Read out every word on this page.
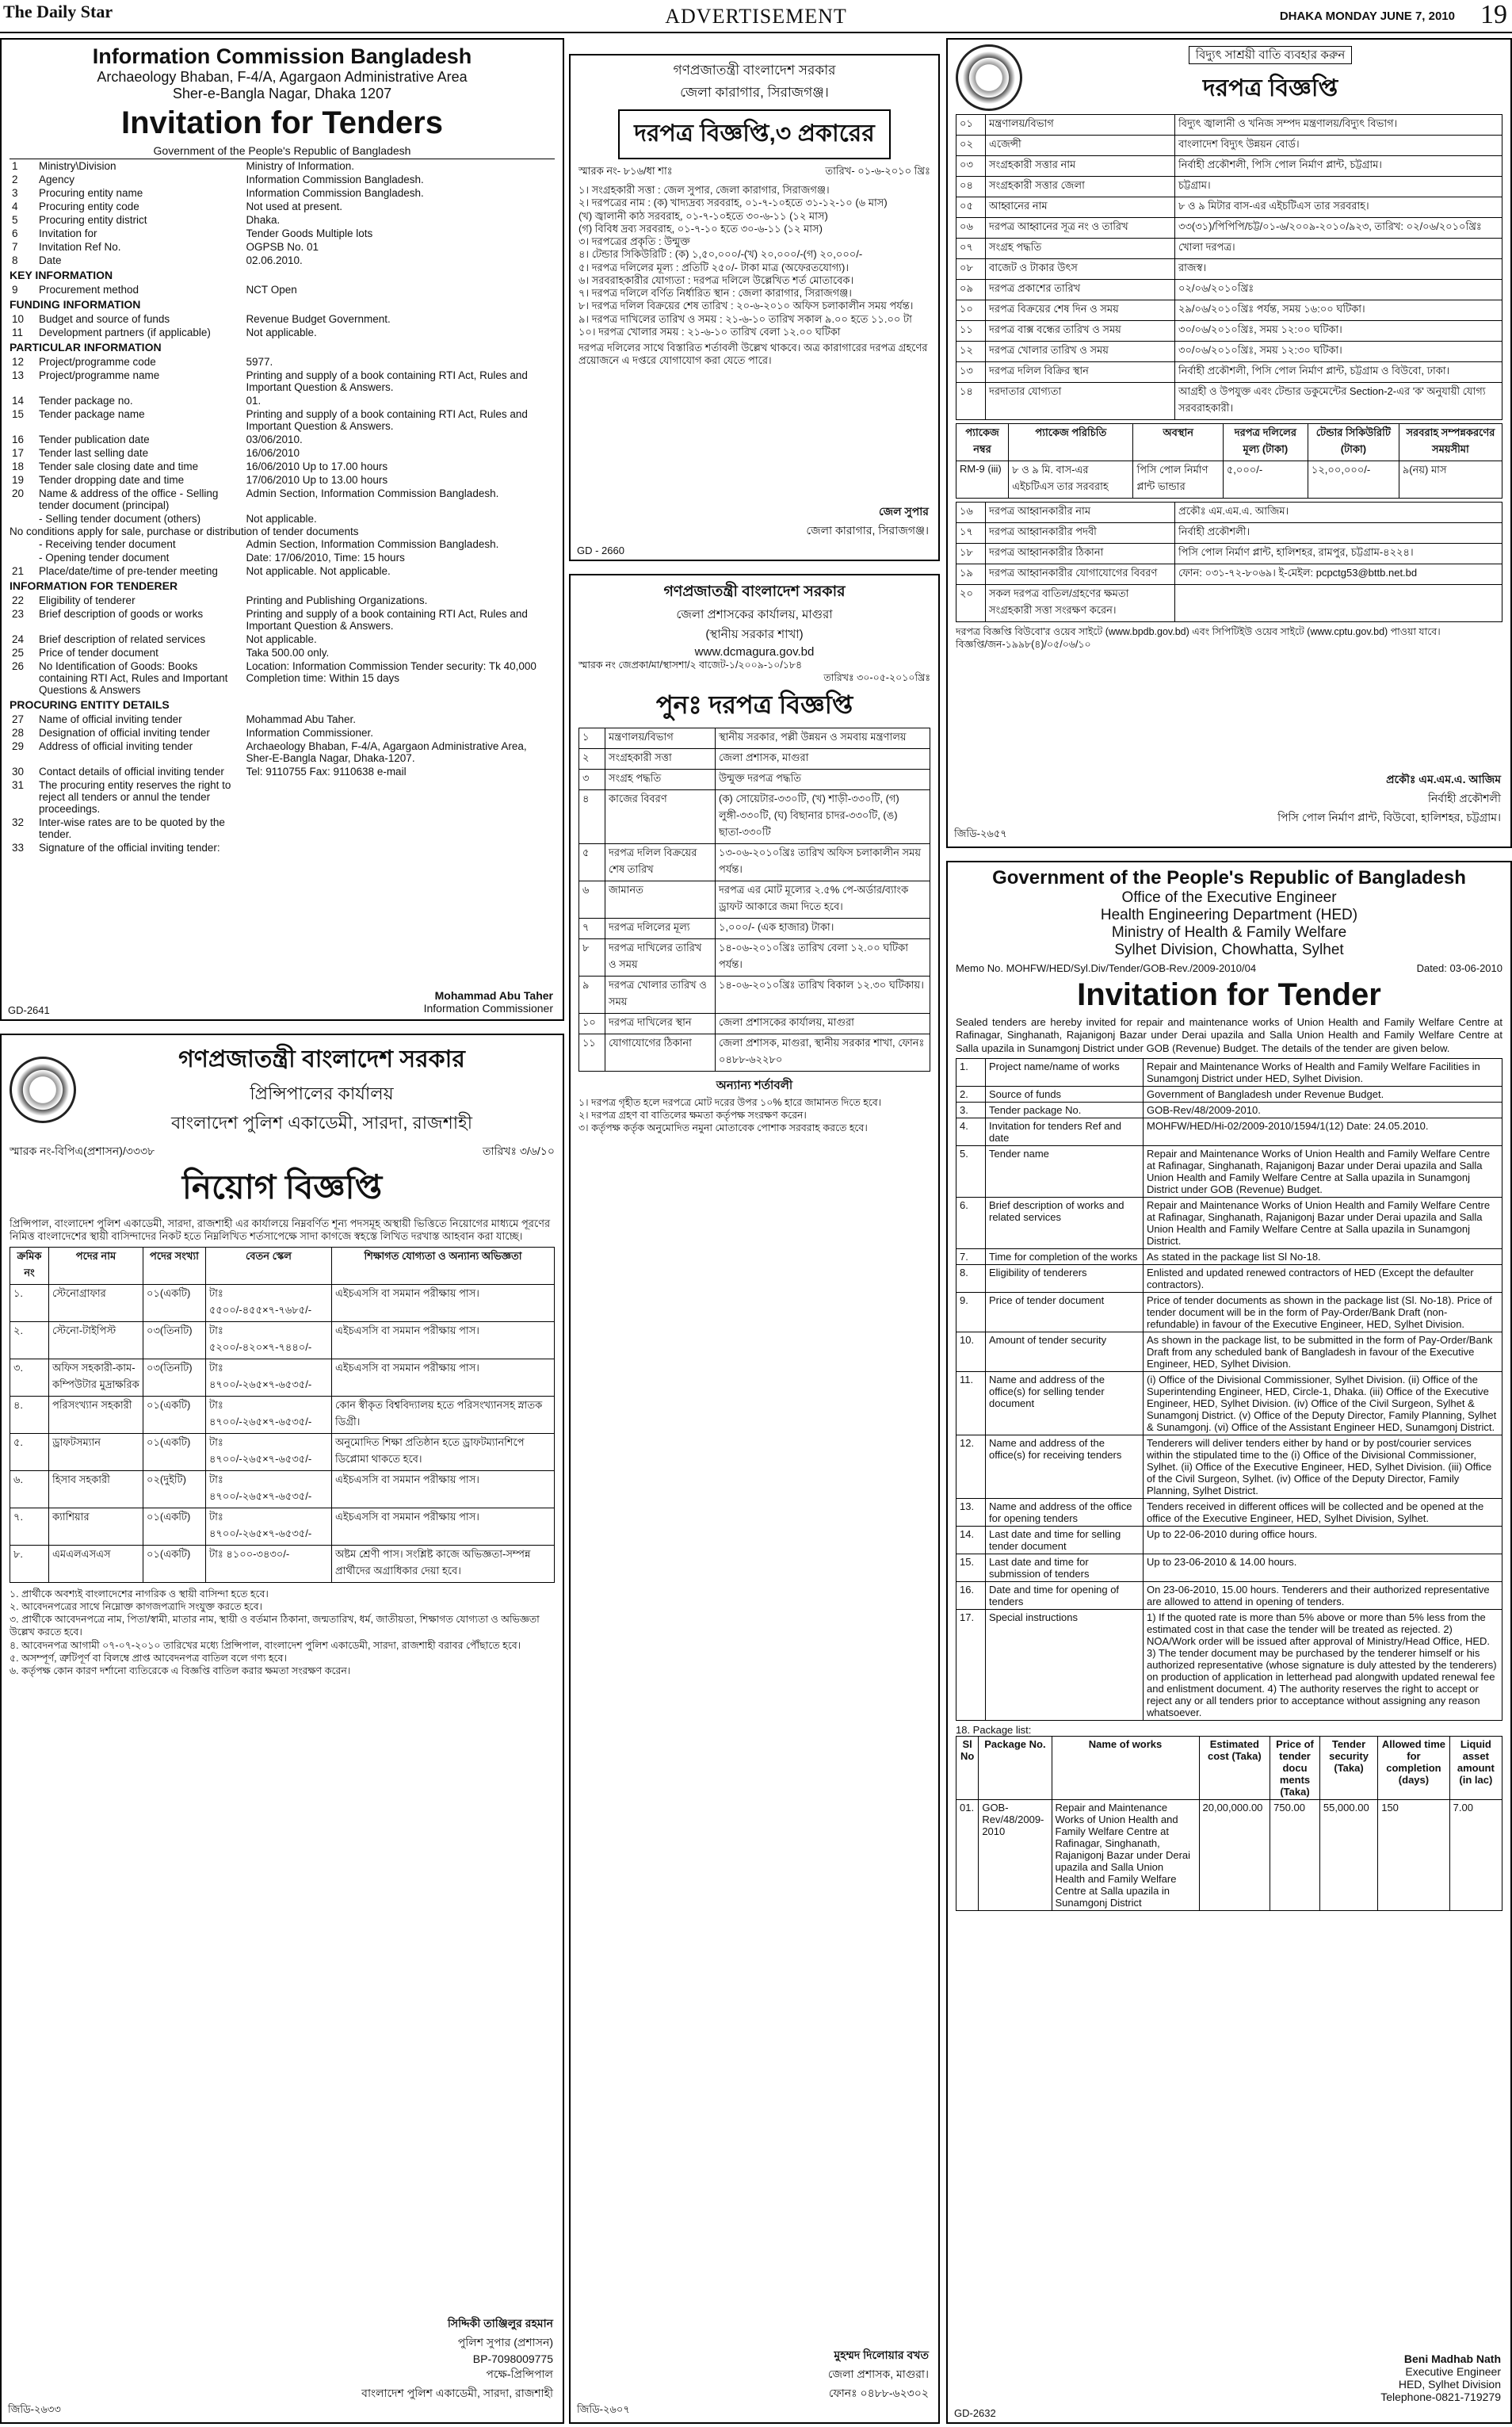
The Daily Star	ADVERTISEMENT	DHAKA MONDAY JUNE 7, 2010 19
Information Commission Bangladesh
Archaeology Bhaban, F-4/A, Agargaon Administrative Area
Sher-e-Bangla Nagar, Dhaka 1207
Invitation for Tenders
Government of the People's Republic of Bangladesh
1	Ministry\Division	Ministry of Information.
2	Agency	Information Commission Bangladesh.
3	Procuring entity name	Information Commission Bangladesh.
4	Procuring entity code	Not used at present.
5	Procuring entity district	Dhaka.
6	Invitation for	Tender Goods Multiple lots
7	Invitation Ref No.	OGPSB No. 01
8	Date	02.06.2010.
KEY INFORMATION
9	Procurement method	NCT Open
FUNDING INFORMATION
10	Budget and source of funds	Revenue Budget Government.
11	Development partners (if applicable)	Not applicable.
PARTICULAR INFORMATION
12	Project/programme code	5977.
13	Project/programme name	Printing and supply of a book containing RTI Act, Rules and Important Question & Answers.
14	Tender package no.	01.
15	Tender package name	Printing and supply of a book containing RTI Act, Rules and Important Question & Answers.
16	Tender publication date	03/06/2010.
17	Tender last selling date	16/06/2010
18	Tender sale closing date and time	16/06/2010 Up to 17.00 hours
19	Tender dropping date and time	17/06/2010 Up to 13.00 hours
20	Name & address of the office - Selling tender document (principal)	Admin Section, Information Commission Bangladesh.
	- Selling tender document (others)	Not applicable.
No conditions apply for sale, purchase or distribution of tender documents
	- Receiving tender document	Admin Section, Information Commission Bangladesh.
	- Opening tender document	Date: 17/06/2010, Time: 15 hours
21	Place/date/time of pre-tender meeting	Not applicable. Not applicable.
INFORMATION FOR TENDERER
22	Eligibility of tenderer	Printing and Publishing Organizations.
23	Brief description of goods or works	Printing and supply of a book containing RTI Act, Rules and Important Question & Answers.
24	Brief description of related services	Not applicable.
25	Price of tender document	Taka 500.00 only.
26	No Identification of Goods: Books containing RTI Act, Rules and Important Questions & Answers	Location: Information Commission Tender security: Tk 40,000 Completion time: Within 15 days
PROCURING ENTITY DETAILS
27	Name of official inviting tender	Mohammad Abu Taher.
28	Designation of official inviting tender	Information Commissioner.
29	Address of official inviting tender	Archaeology Bhaban, F-4/A, Agargaon Administrative Area, Sher-E-Bangla Nagar, Dhaka-1207.
30	Contact details of official inviting tender	Tel: 9110755 Fax: 9110638 e-mail
31	The procuring entity reserves the right to reject all tenders or annul the tender proceedings.	
32	Inter-wise rates are to be quoted by the tender.	
33	Signature of the official inviting tender:	
Mohammad Abu Taher
Information Commissioner
GD-2641
গণপ্রজাতন্ত্রী বাংলাদেশ সরকার
প্রিন্সিপালের কার্যালয়
বাংলাদেশ পুলিশ একাডেমী, সারদা, রাজশাহী
স্মারক নং-বিপিএ(প্রশাসন)/৩৩৩৮	তারিখঃ ৩/৬/১০
নিয়োগ বিজ্ঞপ্তি
প্রিন্সিপাল, বাংলাদেশ পুলিশ একাডেমী, সারদা, রাজশাহী এর কার্যালয়ে নিম্নবর্ণিত শূন্য পদসমূহ অস্থায়ী ভিত্তিতে নিয়োগের মাধ্যমে পূরণের নিমিত্ত বাংলাদেশের স্থায়ী বাসিন্দাদের নিকট হতে নিম্নলিখিত শর্তসাপেক্ষে সাদা কাগজে স্বহস্তে লিখিত দরখাস্ত আহবান করা যাচ্ছে।
ক্রমিক নং	পদের নাম	পদের সংখ্যা	বেতন স্কেল	শিক্ষাগত যোগ্যতা ও অন্যান্য অভিজ্ঞতা
১.	স্টেনোগ্রাফার	০১(একটি)	টাঃ ৫৫০০/-৪৫৫×৭-৭৬৮৫/-	এইচএসসি বা সমমান পরীক্ষায় পাস।
২.	স্টেনো-টাইপিস্ট	০৩(তিনটি)	টাঃ ৫২০০/-৪২০×৭-৭৪৪০/-	এইচএসসি বা সমমান পরীক্ষায় পাস।
৩.	অফিস সহকারী-কাম-কম্পিউটার মুদ্রাক্ষরিক	০৩(তিনটি)	টাঃ ৪৭০০/-২৬৫×৭-৬৫৩৫/-	এইচএসসি বা সমমান পরীক্ষায় পাস।
৪.	পরিসংখ্যান সহকারী	০১(একটি)	টাঃ ৪৭০০/-২৬৫×৭-৬৫৩৫/-	কোন স্বীকৃত বিশ্ববিদ্যালয় হতে পরিসংখ্যানসহ স্নাতক ডিগ্রী।
৫.	ড্রাফটসম্যান	০১(একটি)	টাঃ ৪৭০০/-২৬৫×৭-৬৫৩৫/-	অনুমোদিত শিক্ষা প্রতিষ্ঠান হতে ড্রাফটম্যানশিপে ডিপ্লোমা থাকতে হবে।
৬.	হিসাব সহকারী	০২(দুইটি)	টাঃ ৪৭০০/-২৬৫×৭-৬৫৩৫/-	এইচএসসি বা সমমান পরীক্ষায় পাস।
৭.	ক্যাশিয়ার	০১(একটি)	টাঃ ৪৭০০/-২৬৫×৭-৬৫৩৫/-	এইচএসসি বা সমমান পরীক্ষায় পাস।
৮.	এমএলএসএস	০১(একটি)	টাঃ ৪১০০-৩৪৩০/-	অষ্টম শ্রেণী পাস। সংশ্লিষ্ট কাজে অভিজ্ঞতা-সম্পন্ন প্রার্থীদের অগ্রাধিকার দেয়া হবে।
১. প্রার্থীকে অবশ্যই বাংলাদেশের নাগরিক ও স্থায়ী বাসিন্দা হতে হবে।
২. আবেদনপত্রের সাথে নিম্নোক্ত কাগজপত্রাদি সংযুক্ত করতে হবে।
৩. প্রার্থীকে আবেদনপত্রে নাম, পিতা/স্বামী, মাতার নাম, স্থায়ী ও বর্তমান ঠিকানা, জন্মতারিখ, ধর্ম, জাতীয়তা, শিক্ষাগত যোগ্যতা ও অভিজ্ঞতা উল্লেখ করতে হবে।
৪. আবেদনপত্র আগামী ০৭-০৭-২০১০ তারিখের মধ্যে প্রিন্সিপাল, বাংলাদেশ পুলিশ একাডেমী, সারদা, রাজশাহী বরাবর পৌঁছাতে হবে।
৫. অসম্পূর্ণ, ত্রুটিপূর্ণ বা বিলম্বে প্রাপ্ত আবেদনপত্র বাতিল বলে গণ্য হবে।
৬. কর্তৃপক্ষ কোন কারণ দর্শানো ব্যতিরেকে এ বিজ্ঞপ্তি বাতিল করার ক্ষমতা সংরক্ষণ করেন।
সিদ্দিকী তাঞ্জিলুর রহমান
পুলিশ সুপার (প্রশাসন)
BP-7098009775
পক্ষে-প্রিন্সিপাল
বাংলাদেশ পুলিশ একাডেমী, সারদা, রাজশাহী
জিডি-২৬৩৩
গণপ্রজাতন্ত্রী বাংলাদেশ সরকার
জেলা কারাগার, সিরাজগঞ্জ।
দরপত্র বিজ্ঞপ্তি,৩ প্রকারের
স্মারক নং- ৮১৬/ধা শাঃ	তারিখ- ০১-৬-২০১০ খ্রিঃ
১। সংগ্রহকারী সত্তা : জেল সুপার, জেলা কারাগার, সিরাজগঞ্জ।
২। দরপত্রের নাম : (ক) খাদ্যদ্রব্য সরবরাহ, ০১-৭-১০হতে ৩১-১২-১০ (৬ মাস)
(খ) জ্বালানী কাঠ সরবরাহ, ০১-৭-১০হতে ৩০-৬-১১ (১২ মাস)
(গ) বিবিধ দ্রব্য সরবরাহ, ০১-৭-১০ হতে ৩০-৬-১১ (১২ মাস)
৩। দরপত্রের প্রকৃতি : উন্মুক্ত
৪। টেন্ডার সিকিউরিটি : (ক) ১,৫০,০০০/-(খ) ২০,০০০/-(গ) ২০,০০০/-
৫। দরপত্র দলিলের মূল্য : প্রতিটি ২৫০/- টাকা মাত্র (অফেরতযোগ্য)।
৬। সরবরাহকারীর যোগ্যতা : দরপত্র দলিলে উল্লেখিত শর্ত মোতাবেক।
৭। দরপত্র দলিলে বর্ণিত নির্ধারিত স্থান : জেলা কারাগার, সিরাজগঞ্জ।
৮। দরপত্র দলিল বিক্রয়ের শেষ তারিখ : ২০-৬-২০১০ অফিস চলাকালীন সময় পর্যন্ত।
৯। দরপত্র দাখিলের তারিখ ও সময় : ২১-৬-১০ তারিখ সকাল ৯.০০ হতে ১১.০০ টা
১০। দরপত্র খোলার সময় : ২১-৬-১০ তারিখ বেলা ১২.০০ ঘটিকা
দরপত্র দলিলের সাথে বিস্তারিত শর্তাবলী উল্লেখ থাকবে। অত্র কারাগারের দরপত্র গ্রহণের প্রয়োজনে এ দপ্তরে যোগাযোগ করা যেতে পারে।
জেল সুপার
জেলা কারাগার, সিরাজগঞ্জ।
GD - 2660
গণপ্রজাতন্ত্রী বাংলাদেশ সরকার
জেলা প্রশাসকের কার্যালয়, মাগুরা
(স্থানীয় সরকার শাখা)
www.dcmagura.gov.bd
স্মারক নং জেপ্রকা/মা/স্থাসশা/২ বাজেট-১/২০০৯-১০/১৮৪
তারিখঃ ৩০-০৫-২০১০খ্রিঃ
পুনঃ দরপত্র বিজ্ঞপ্তি
১	মন্ত্রণালয়/বিভাগ	স্থানীয় সরকার, পল্লী উন্নয়ন ও সমবায় মন্ত্রণালয়
২	সংগ্রহকারী সত্তা	জেলা প্রশাসক, মাগুরা
৩	সংগ্রহ পদ্ধতি	উন্মুক্ত দরপত্র পদ্ধতি
৪	কাজের বিবরণ	(ক) সোয়েটার-৩৩০টি, (খ) শাড়ী-৩৩০টি, (গ) লুঙ্গী-৩৩০টি, (ঘ) বিছানার চাদর-৩৩০টি, (ঙ) ছাতা-৩৩০টি
৫	দরপত্র দলিল বিক্রয়ের শেষ তারিখ	১৩-০৬-২০১০খ্রিঃ তারিখ অফিস চলাকালীন সময় পর্যন্ত।
৬	জামানত	দরপত্র এর মোট মূল্যের ২.৫% পে-অর্ডার/ব্যাংক ড্রাফট আকারে জমা দিতে হবে।
৭	দরপত্র দলিলের মূল্য	১,০০০/- (এক হাজার) টাকা।
৮	দরপত্র দাখিলের তারিখ ও সময়	১৪-০৬-২০১০খ্রিঃ তারিখ বেলা ১২.০০ ঘটিকা পর্যন্ত।
৯	দরপত্র খোলার তারিখ ও সময়	১৪-০৬-২০১০খ্রিঃ তারিখ বিকাল ১২.৩০ ঘটিকায়।
১০	দরপত্র দাখিলের স্থান	জেলা প্রশাসকের কার্যালয়, মাগুরা
১১	যোগাযোগের ঠিকানা	জেলা প্রশাসক, মাগুরা, স্থানীয় সরকার শাখা, ফোনঃ ০৪৮৮-৬২২৮০
অন্যান্য শর্তাবলী
১। দরপত্র গৃহীত হলে দরপত্রে মোট দরের উপর ১০% হারে জামানত দিতে হবে।
২। দরপত্র গ্রহণ বা বাতিলের ক্ষমতা কর্তৃপক্ষ সংরক্ষণ করেন।
৩। কর্তৃপক্ষ কর্তৃক অনুমোদিত নমুনা মোতাবেক পোশাক সরবরাহ করতে হবে।
মুহম্মদ দিলোয়ার বখত
জেলা প্রশাসক, মাগুরা।
ফোনঃ ০৪৮৮-৬২৩০২
জিডি-২৬০৭
বিদ্যুৎ সাশ্রয়ী বাতি ব্যবহার করুন
দরপত্র বিজ্ঞপ্তি
০১	মন্ত্রণালয়/বিভাগ	বিদ্যুৎ জ্বালানী ও খনিজ সম্পদ মন্ত্রণালয়/বিদ্যুৎ বিভাগ।
০২	এজেন্সী	বাংলাদেশ বিদ্যুৎ উন্নয়ন বোর্ড।
০৩	সংগ্রহকারী সত্তার নাম	নির্বাহী প্রকৌশলী, পিসি পোল নির্মাণ প্লান্ট, চট্টগ্রাম।
০৪	সংগ্রহকারী সত্তার জেলা	চট্টগ্রাম।
০৫	আহ্বানের নাম	৮ ও ৯ মিটার বাস-এর এইচটিএস তার সরবরাহ।
০৬	দরপত্র আহ্বানের সূত্র নং ও তারিখ	৩৩(৩১)/পিপিপি/চট্ট/০১-৬/২০০৯-২০১০/৯২৩, তারিখ: ০২/০৬/২০১০খ্রিঃ
০৭	সংগ্রহ পদ্ধতি	খোলা দরপত্র।
০৮	বাজেট ও টাকার উৎস	রাজস্ব।
০৯	দরপত্র প্রকাশের তারিখ	০২/০৬/২০১০খ্রিঃ
১০	দরপত্র বিক্রয়ের শেষ দিন ও সময়	২৯/০৬/২০১০খ্রিঃ পর্যন্ত, সময় ১৬:০০ ঘটিকা।
১১	দরপত্র বাক্স বন্ধের তারিখ ও সময়	৩০/০৬/২০১০খ্রিঃ, সময় ১২:০০ ঘটিকা।
১২	দরপত্র খোলার তারিখ ও সময়	৩০/০৬/২০১০খ্রিঃ, সময় ১২:৩০ ঘটিকা।
১৩	দরপত্র দলিল বিক্রির স্থান	নির্বাহী প্রকৌশলী, পিসি পোল নির্মাণ প্লান্ট, চট্টগ্রাম ও বিউবো, ঢাকা।
১৪	দরদাতার যোগ্যতা	আগ্রহী ও উপযুক্ত এবং টেন্ডার ডকুমেন্টের Section-2-এর 'ক' অনুযায়ী যোগ্য সরবরাহকারী।
প্যাকেজ নম্বর	প্যাকেজ পরিচিতি	অবস্থান	দরপত্র দলিলের মূল্য (টাকা)	টেন্ডার সিকিউরিটি (টাকা)	সরবরাহ সম্পন্নকরণের সময়সীমা
RM-9 (iii)	৮ ও ৯ মি. বাস-এর এইচটিএস তার সরবরাহ	পিসি পোল নির্মাণ প্লান্ট ভান্ডার	৫,০০০/-	১২,০০,০০০/-	৯(নয়) মাস
১৬	দরপত্র আহ্বানকারীর নাম	প্রকৌঃ এম.এম.এ. আজিম।
১৭	দরপত্র আহ্বানকারীর পদবী	নির্বাহী প্রকৌশলী।
১৮	দরপত্র আহ্বানকারীর ঠিকানা	পিসি পোল নির্মাণ প্লান্ট, হালিশহর, রামপুর, চট্টগ্রাম-৪২২৪।
১৯	দরপত্র আহ্বানকারীর যোগাযোগের বিবরণ	ফোন: ০৩১-৭২-৮০৬৯। ই-মেইল: pcpctg53@bttb.net.bd
২০	সকল দরপত্র বাতিল/গ্রহণের ক্ষমতা সংগ্রহকারী সত্তা সংরক্ষণ করেন।	
দরপত্র বিজ্ঞপ্তি বিউবো'র ওয়েব সাইটে (www.bpdb.gov.bd) এবং সিপিটিইউ ওয়েব সাইটে (www.cptu.gov.bd) পাওয়া যাবে।
বিজ্ঞপ্তি/জন-১৯৯৮(৪)/০৫/০৬/১০
প্রকৌঃ এম.এম.এ. আজিম
নির্বাহী প্রকৌশলী
পিসি পোল নির্মাণ প্লান্ট, বিউবো, হালিশহর, চট্টগ্রাম।
জিডি-২৬৫৭
Government of the People's Republic of Bangladesh
Office of the Executive Engineer
Health Engineering Department (HED)
Ministry of Health & Family Welfare
Sylhet Division, Chowhatta, Sylhet
Memo No. MOHFW/HED/Syl.Div/Tender/GOB-Rev./2009-2010/04	Dated: 03-06-2010
Invitation for Tender
Sealed tenders are hereby invited for repair and maintenance works of Union Health and Family Welfare Centre at Rafinagar, Singhanath, Rajanigonj Bazar under Derai upazila and Salla Union Health and Family Welfare Centre at Salla upazila in Sunamgonj District under GOB (Revenue) Budget. The details of the tender are given below.
1.	Project name/name of works	Repair and Maintenance Works of Health and Family Welfare Facilities in Sunamgonj District under HED, Sylhet Division.
2.	Source of funds	Government of Bangladesh under Revenue Budget.
3.	Tender package No.	GOB-Rev/48/2009-2010.
4.	Invitation for tenders Ref and date	MOHFW/HED/Hi-02/2009-2010/1594/1(12) Date: 24.05.2010.
5.	Tender name	Repair and Maintenance Works of Union Health and Family Welfare Centre at Rafinagar, Singhanath, Rajanigonj Bazar under Derai upazila and Salla Union Health and Family Welfare Centre at Salla upazila in Sunamgonj District under GOB (Revenue) Budget.
6.	Brief description of works and related services	Repair and Maintenance Works of Union Health and Family Welfare Centre at Rafinagar, Singhanath, Rajanigonj Bazar under Derai upazila and Salla Union Health and Family Welfare Centre at Salla upazila in Sunamgonj District.
7.	Time for completion of the works	As stated in the package list Sl No-18.
8.	Eligibility of tenderers	Enlisted and updated renewed contractors of HED (Except the defaulter contractors).
9.	Price of tender document	Price of tender documents as shown in the package list (Sl. No-18). Price of tender document will be in the form of Pay-Order/Bank Draft (non-refundable) in favour of the Executive Engineer, HED, Sylhet Division.
10.	Amount of tender security	As shown in the package list, to be submitted in the form of Pay-Order/Bank Draft from any scheduled bank of Bangladesh in favour of the Executive Engineer, HED, Sylhet Division.
11.	Name and address of the office(s) for selling tender document	(i) Office of the Divisional Commissioner, Sylhet Division. (ii) Office of the Superintending Engineer, HED, Circle-1, Dhaka. (iii) Office of the Executive Engineer, HED, Sylhet Division. (iv) Office of the Civil Surgeon, Sylhet & Sunamgonj District. (v) Office of the Deputy Director, Family Planning, Sylhet & Sunamgonj. (vi) Office of the Assistant Engineer HED, Sunamgonj District.
12.	Name and address of the office(s) for receiving tenders	Tenderers will deliver tenders either by hand or by post/courier services within the stipulated time to the (i) Office of the Divisional Commissioner, Sylhet. (ii) Office of the Executive Engineer, HED, Sylhet Division. (iii) Office of the Civil Surgeon, Sylhet. (iv) Office of the Deputy Director, Family Planning, Sylhet District.
13.	Name and address of the office for opening tenders	Tenders received in different offices will be collected and be opened at the office of the Executive Engineer, HED, Sylhet Division, Sylhet.
14.	Last date and time for selling tender document	Up to 22-06-2010 during office hours.
15.	Last date and time for submission of tenders	Up to 23-06-2010 & 14.00 hours.
16.	Date and time for opening of tenders	On 23-06-2010, 15.00 hours. Tenderers and their authorized representative are allowed to attend in opening of tenders.
17.	Special instructions	1) If the quoted rate is more than 5% above or more than 5% less from the estimated cost in that case the tender will be treated as rejected. 2) NOA/Work order will be issued after approval of Ministry/Head Office, HED. 3) The tender document may be purchased by the tenderer himself or his authorized representative (whose signature is duly attested by the tenderers) on production of application in letterhead pad alongwith updated renewal fee and enlistment document. 4) The authority reserves the right to accept or reject any or all tenders prior to acceptance without assigning any reason whatsoever.
18. Package list:
Sl No	Package No.	Name of works	Estimated cost (Taka)	Price of tender docu ments (Taka)	Tender security (Taka)	Allowed time for completion (days)	Liquid asset amount (in lac)
01.	GOB-Rev/48/2009-2010	Repair and Maintenance Works of Union Health and Family Welfare Centre at Rafinagar, Singhanath, Rajanigonj Bazar under Derai upazila and Salla Union Health and Family Welfare Centre at Salla upazila in Sunamgonj District	20,00,000.00	750.00	55,000.00	150	7.00
Beni Madhab Nath
Executive Engineer
HED, Sylhet Division
Telephone-0821-719279
GD-2632
